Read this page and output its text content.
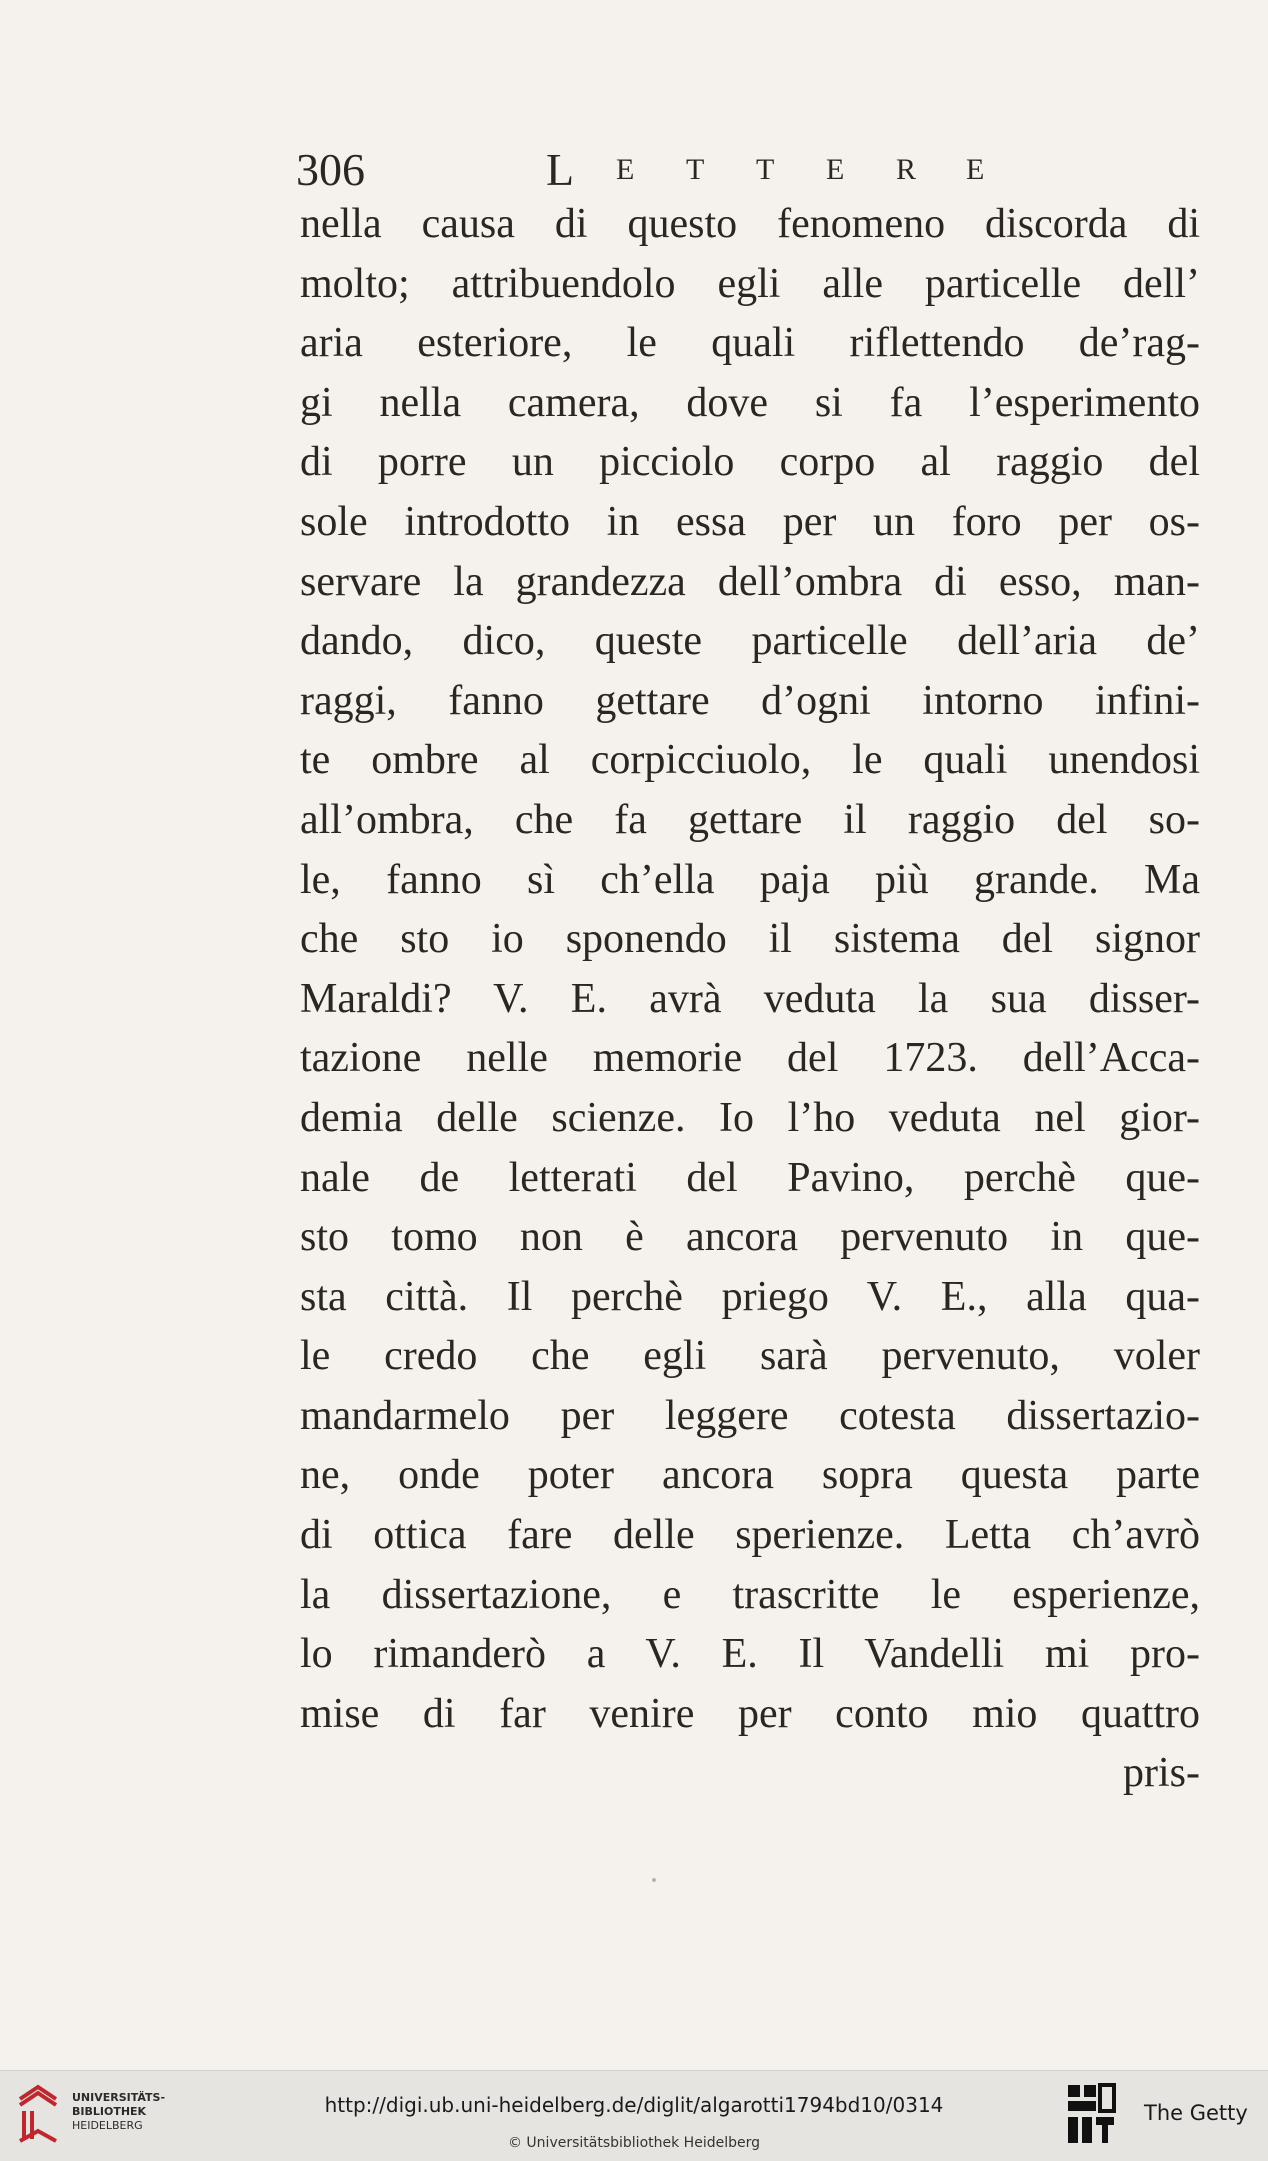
306	L E T T E R E
nella causa di questo fenomeno discorda di
molto; attribuendolo egli alle particelle dell’
aria esteriore, le quali riflettendo de’rag-
gi nella camera, dove si fa l’esperimento
di porre un picciolo corpo al raggio del
sole introdotto in essa per un foro per os-
servare la grandezza dell’ombra di esso, man-
dando, dico, queste particelle dell’aria de’
raggi, fanno gettare d’ogni intorno infini-
te ombre al corpicciuolo, le quali unendosi
all’ombra, che fa gettare il raggio del so-
le, fanno sì ch’ella paja più grande. Ma
che sto io sponendo il sistema del signor
Maraldi? V. E. avrà veduta la sua disser-
tazione nelle memorie del 1723. dell’Acca-
demia delle scienze. Io l’ho veduta nel gior-
nale de letterati del Pavino, perchè que-
sto tomo non è ancora pervenuto in que-
sta città. Il perchè priego V. E., alla qua-
le credo che egli sarà pervenuto, voler
mandarmelo per leggere cotesta dissertazio-
ne, onde poter ancora sopra questa parte
di ottica fare delle sperienze. Letta ch’avrò
la dissertazione, e trascritte le esperienze,
lo rimanderò a V. E. Il Vandelli mi pro-
mise di far venire per conto mio quattro
pris-
UNIVERSITÄTS-
BIBLIOTHEK
HEIDELBERG
http://digi.ub.uni-heidelberg.de/diglit/algarotti1794bd10/0314
© Universitätsbibliothek Heidelberg
The Getty
